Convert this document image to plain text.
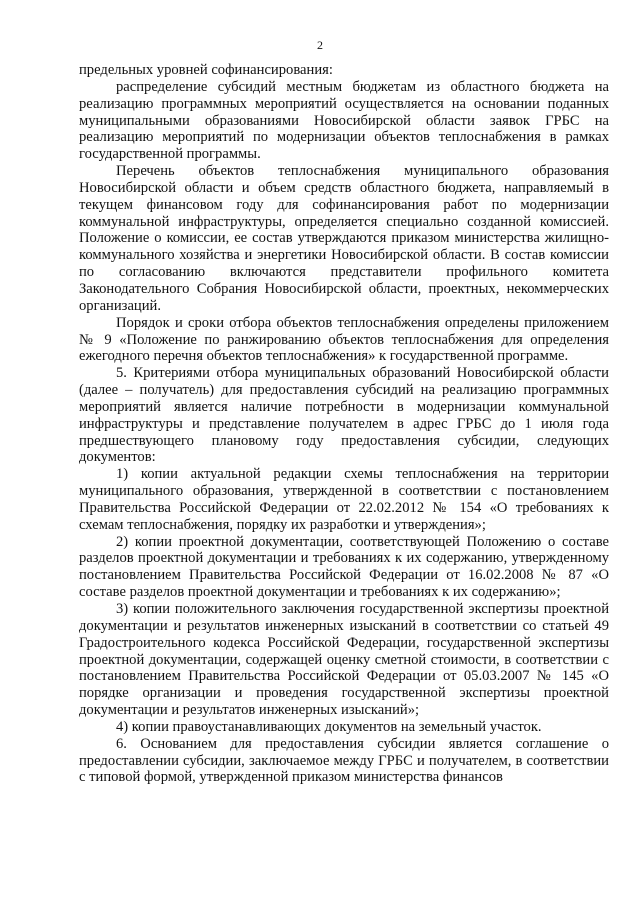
2

предельных уровней софинансирования:

распределение субсидий местным бюджетам из областного бюджета на реализацию программных мероприятий осуществляется на основании поданных муниципальными образованиями Новосибирской области заявок ГРБС на реализацию мероприятий по модернизации объектов теплоснабжения в рамках государственной программы.

Перечень объектов теплоснабжения муниципального образования Новосибирской области и объем средств областного бюджета, направляемый в текущем финансовом году для софинансирования работ по модернизации коммунальной инфраструктуры, определяется специально созданной комиссией. Положение о комиссии, ее состав утверждаются приказом министерства жилищно-коммунального хозяйства и энергетики Новосибирской области. В состав комиссии по согласованию включаются представители профильного комитета Законодательного Собрания Новосибирской области, проектных, некоммерческих организаций.

Порядок и сроки отбора объектов теплоснабжения определены приложением № 9 «Положение по ранжированию объектов теплоснабжения для определения ежегодного перечня объектов теплоснабжения» к государственной программе.

5. Критериями отбора муниципальных образований Новосибирской области (далее – получатель) для предоставления субсидий на реализацию программных мероприятий является наличие потребности в модернизации коммунальной инфраструктуры и представление получателем в адрес ГРБС до 1 июля года предшествующего плановому году предоставления субсидии, следующих документов:

1) копии актуальной редакции схемы теплоснабжения на территории муниципального образования, утвержденной в соответствии с постановлением Правительства Российской Федерации от 22.02.2012 № 154 «О требованиях к схемам теплоснабжения, порядку их разработки и утверждения»;

2) копии проектной документации, соответствующей Положению о составе разделов проектной документации и требованиях к их содержанию, утвержденному постановлением Правительства Российской Федерации от 16.02.2008 № 87 «О составе разделов проектной документации и требованиях к их содержанию»;

3) копии положительного заключения государственной экспертизы проектной документации и результатов инженерных изысканий в соответствии со статьей 49 Градостроительного кодекса Российской Федерации, государственной экспертизы проектной документации, содержащей оценку сметной стоимости, в соответствии с постановлением Правительства Российской Федерации от 05.03.2007 № 145 «О порядке организации и проведения государственной экспертизы проектной документации и результатов инженерных изысканий»;

4) копии правоустанавливающих документов на земельный участок.

6. Основанием для предоставления субсидии является соглашение о предоставлении субсидии, заключаемое между ГРБС и получателем, в соответствии с типовой формой, утвержденной приказом министерства финансов
